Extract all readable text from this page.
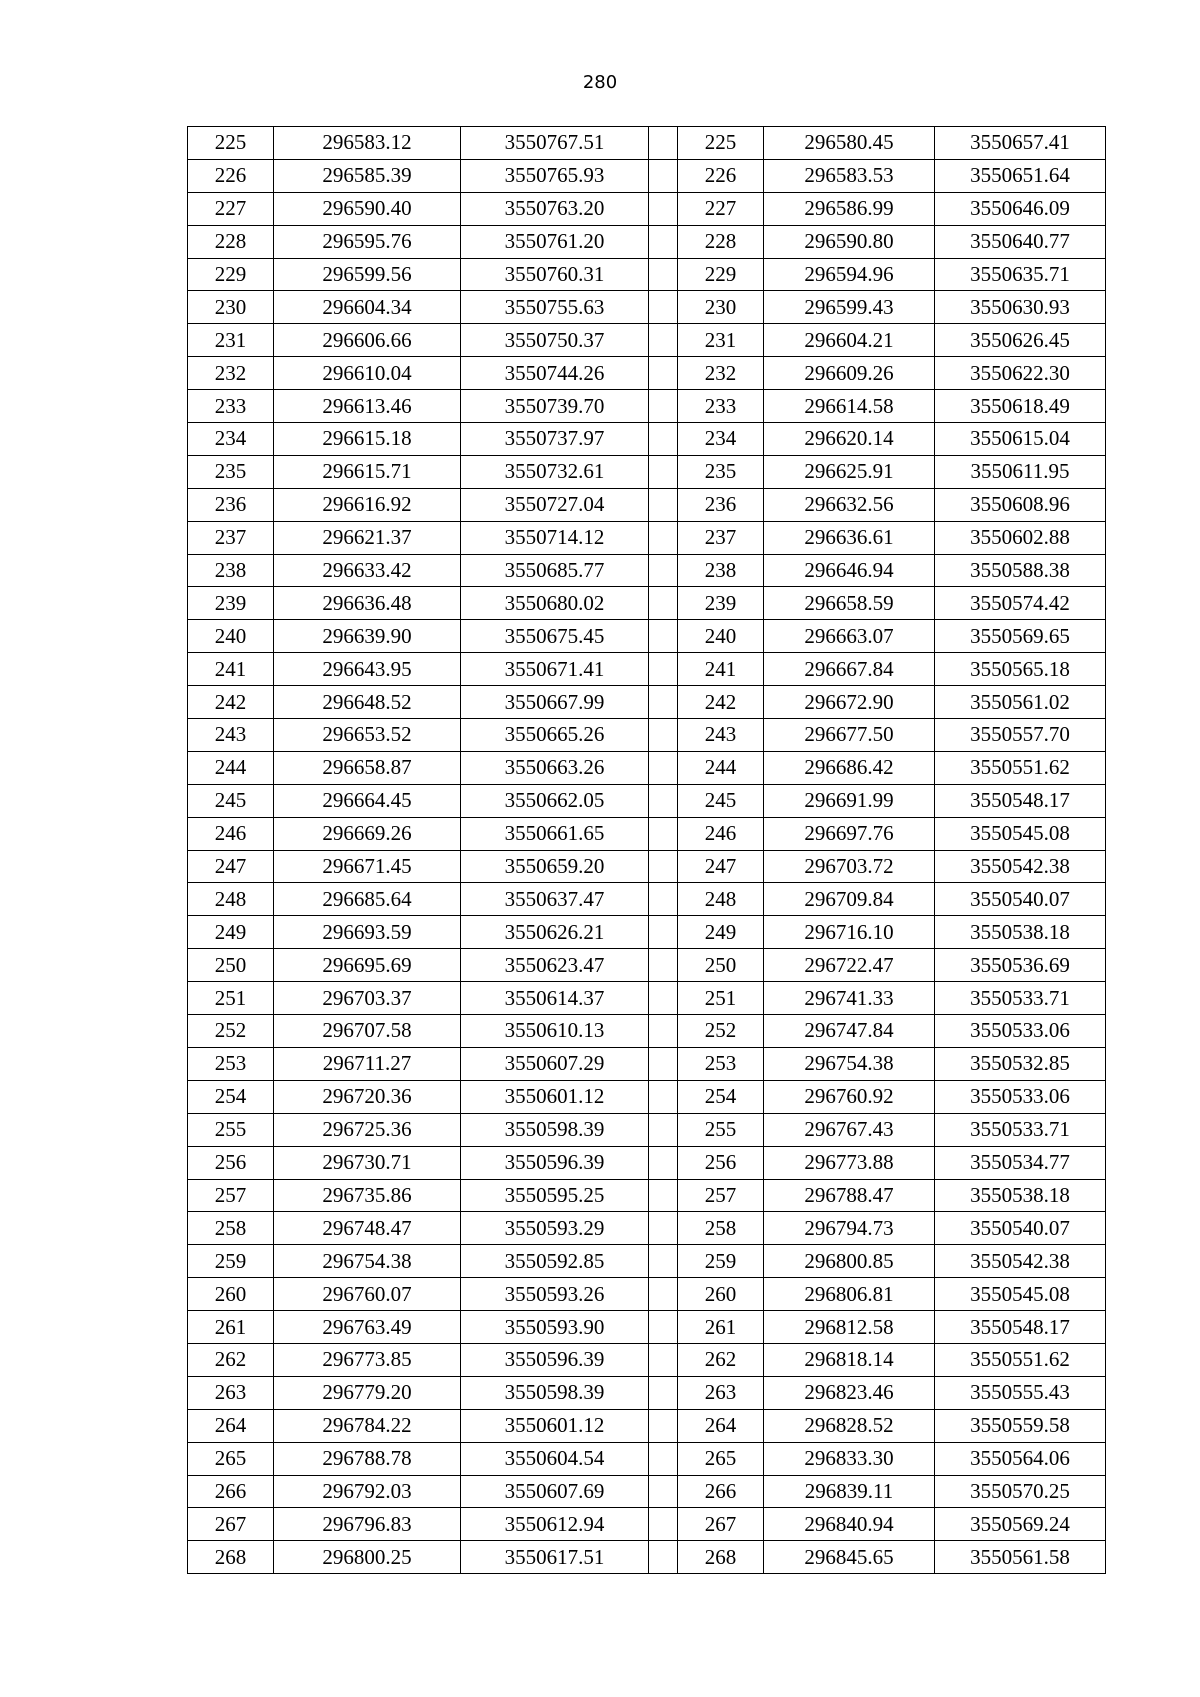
280
225	296583.12	3550767.51		225	296580.45	3550657.41
226	296585.39	3550765.93		226	296583.53	3550651.64
227	296590.40	3550763.20		227	296586.99	3550646.09
228	296595.76	3550761.20		228	296590.80	3550640.77
229	296599.56	3550760.31		229	296594.96	3550635.71
230	296604.34	3550755.63		230	296599.43	3550630.93
231	296606.66	3550750.37		231	296604.21	3550626.45
232	296610.04	3550744.26		232	296609.26	3550622.30
233	296613.46	3550739.70		233	296614.58	3550618.49
234	296615.18	3550737.97		234	296620.14	3550615.04
235	296615.71	3550732.61		235	296625.91	3550611.95
236	296616.92	3550727.04		236	296632.56	3550608.96
237	296621.37	3550714.12		237	296636.61	3550602.88
238	296633.42	3550685.77		238	296646.94	3550588.38
239	296636.48	3550680.02		239	296658.59	3550574.42
240	296639.90	3550675.45		240	296663.07	3550569.65
241	296643.95	3550671.41		241	296667.84	3550565.18
242	296648.52	3550667.99		242	296672.90	3550561.02
243	296653.52	3550665.26		243	296677.50	3550557.70
244	296658.87	3550663.26		244	296686.42	3550551.62
245	296664.45	3550662.05		245	296691.99	3550548.17
246	296669.26	3550661.65		246	296697.76	3550545.08
247	296671.45	3550659.20		247	296703.72	3550542.38
248	296685.64	3550637.47		248	296709.84	3550540.07
249	296693.59	3550626.21		249	296716.10	3550538.18
250	296695.69	3550623.47		250	296722.47	3550536.69
251	296703.37	3550614.37		251	296741.33	3550533.71
252	296707.58	3550610.13		252	296747.84	3550533.06
253	296711.27	3550607.29		253	296754.38	3550532.85
254	296720.36	3550601.12		254	296760.92	3550533.06
255	296725.36	3550598.39		255	296767.43	3550533.71
256	296730.71	3550596.39		256	296773.88	3550534.77
257	296735.86	3550595.25		257	296788.47	3550538.18
258	296748.47	3550593.29		258	296794.73	3550540.07
259	296754.38	3550592.85		259	296800.85	3550542.38
260	296760.07	3550593.26		260	296806.81	3550545.08
261	296763.49	3550593.90		261	296812.58	3550548.17
262	296773.85	3550596.39		262	296818.14	3550551.62
263	296779.20	3550598.39		263	296823.46	3550555.43
264	296784.22	3550601.12		264	296828.52	3550559.58
265	296788.78	3550604.54		265	296833.30	3550564.06
266	296792.03	3550607.69		266	296839.11	3550570.25
267	296796.83	3550612.94		267	296840.94	3550569.24
268	296800.25	3550617.51		268	296845.65	3550561.58
